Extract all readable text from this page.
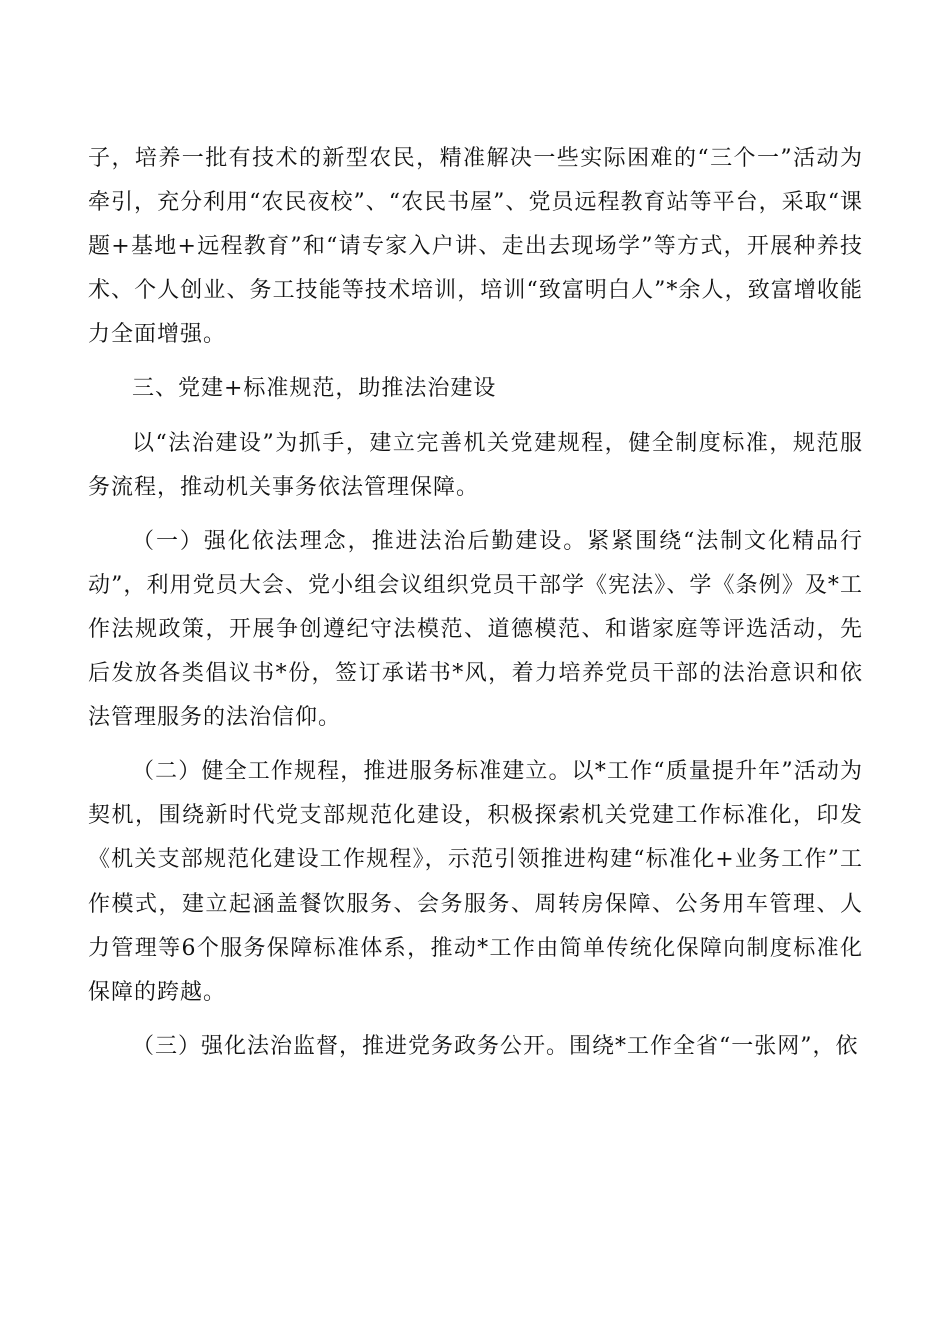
子，培养一批有技术的新型农民，精准解决一些实际困难的“三个一”活动为牵引，充分利用“农民夜校”、“农民书屋”、党员远程教育站等平台，采取“课题+基地+远程教育”和“请专家入户讲、走出去现场学”等方式，开展种养技术、个人创业、务工技能等技术培训，培训“致富明白人”*余人，致富增收能力全面增强。

三、党建+标准规范，助推法治建设

以“法治建设”为抓手，建立完善机关党建规程，健全制度标准，规范服务流程，推动机关事务依法管理保障。

（一）强化依法理念，推进法治后勤建设。紧紧围绕“法制文化精品行动”，利用党员大会、党小组会议组织党员干部学《宪法》、学《条例》及*工作法规政策，开展争创遵纪守法模范、道德模范、和谐家庭等评选活动，先后发放各类倡议书*份，签订承诺书*风，着力培养党员干部的法治意识和依法管理服务的法治信仰。

（二）健全工作规程，推进服务标准建立。以*工作“质量提升年”活动为契机，围绕新时代党支部规范化建设，积极探索机关党建工作标准化，印发《机关支部规范化建设工作规程》，示范引领推进构建“标准化+业务工作”工作模式，建立起涵盖餐饮服务、会务服务、周转房保障、公务用车管理、人力管理等6个服务保障标准体系，推动*工作由简单传统化保障向制度标准化保障的跨越。

（三）强化法治监督，推进党务政务公开。围绕*工作全省“一张网”，依
